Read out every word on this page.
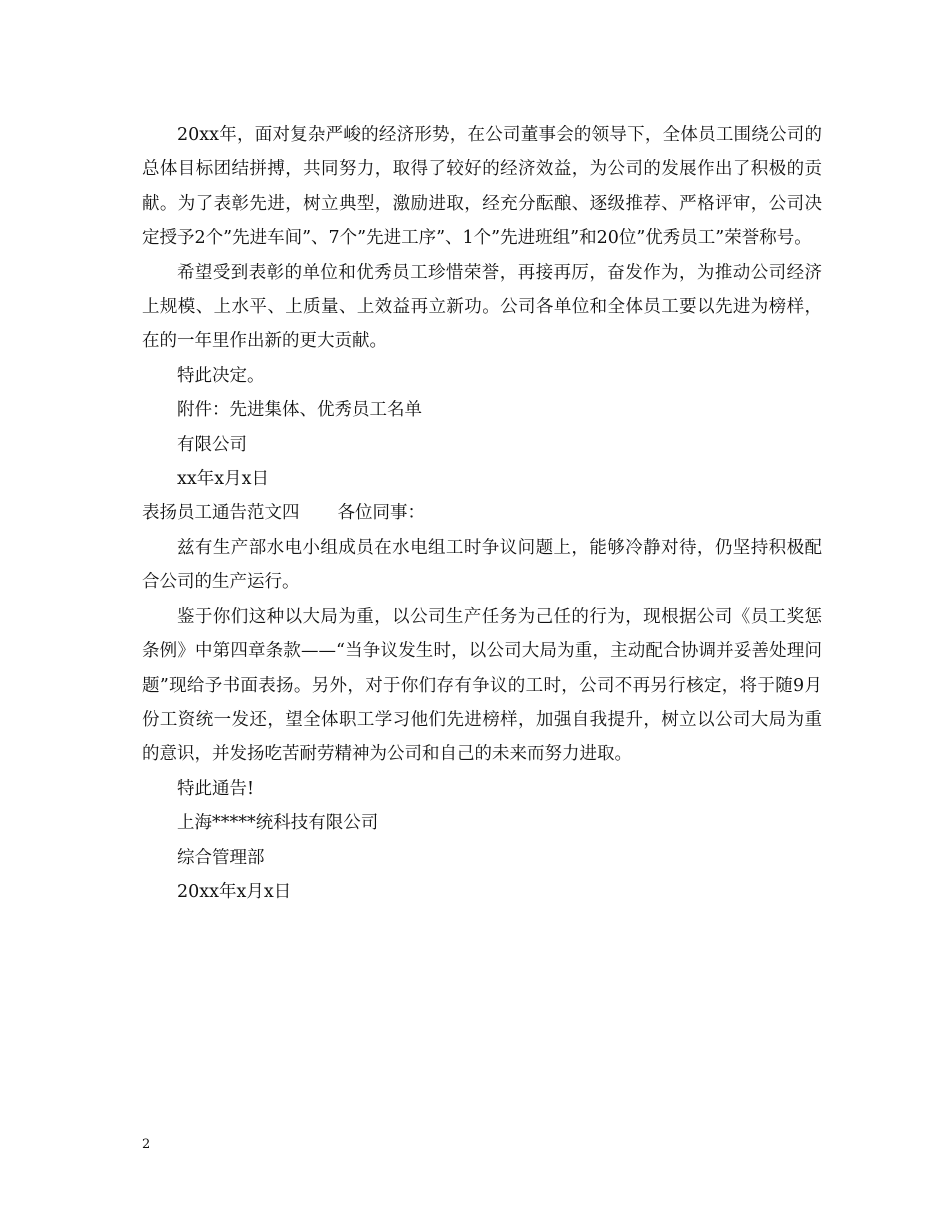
20xx年，面对复杂严峻的经济形势，在公司董事会的领导下，全体员工围绕公司的总体目标团结拼搏，共同努力，取得了较好的经济效益，为公司的发展作出了积极的贡献。为了表彰先进，树立典型，激励进取，经充分酝酿、逐级推荐、严格评审，公司决定授予2个”先进车间”、7个”先进工序”、1个”先进班组”和20位”优秀员工”荣誉称号。

希望受到表彰的单位和优秀员工珍惜荣誉，再接再厉，奋发作为，为推动公司经济上规模、上水平、上质量、上效益再立新功。公司各单位和全体员工要以先进为榜样，在的一年里作出新的更大贡献。

特此决定。

附件：先进集体、优秀员工名单

有限公司

xx年x月x日

表扬员工通告范文四 各位同事：

兹有生产部水电小组成员在水电组工时争议问题上，能够冷静对待，仍坚持积极配合公司的生产运行。

鉴于你们这种以大局为重，以公司生产任务为己任的行为，现根据公司《员工奖惩条例》中第四章条款——“当争议发生时，以公司大局为重，主动配合协调并妥善处理问题”现给予书面表扬。另外，对于你们存有争议的工时，公司不再另行核定，将于随9月份工资统一发还，望全体职工学习他们先进榜样，加强自我提升，树立以公司大局为重的意识，并发扬吃苦耐劳精神为公司和自己的未来而努力进取。

特此通告!

上海*****统科技有限公司

综合管理部

20xx年x月x日

2
